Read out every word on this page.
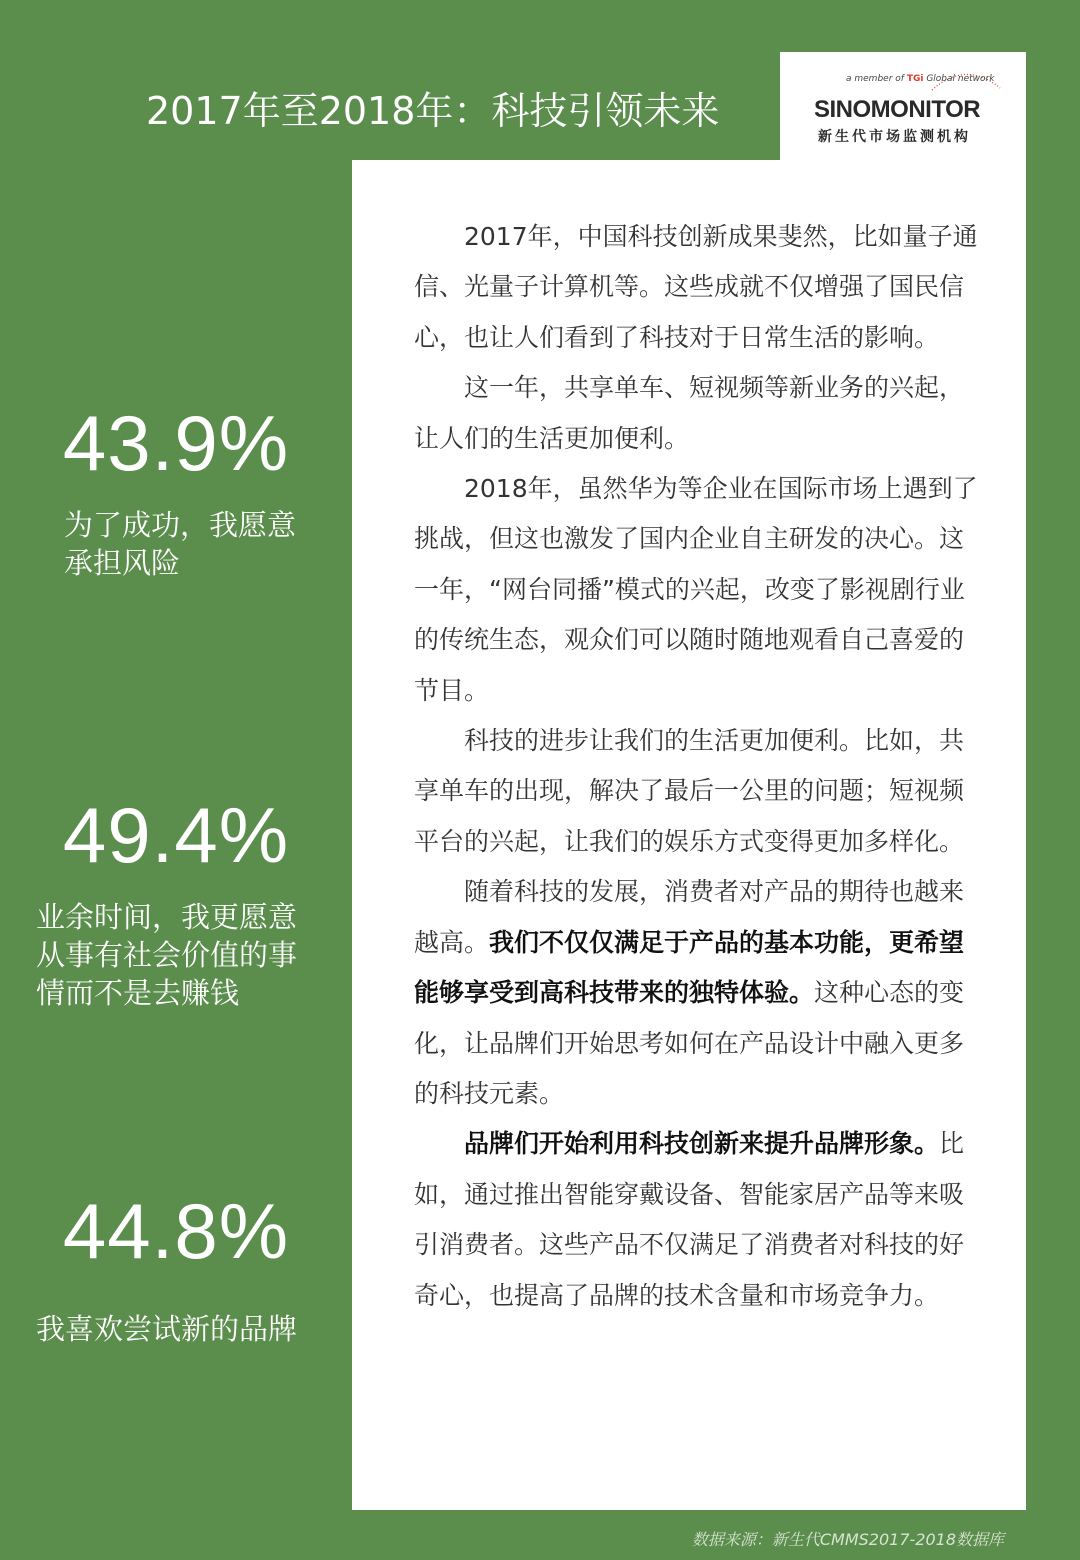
2017年至2018年：科技引领未来
a member of TGi Global network
SINOMONITOR
新生代市场监测机构
43.9%
为了成功，我愿意
承担风险
49.4%
业余时间，我更愿意
从事有社会价值的事
情而不是去赚钱
44.8%
我喜欢尝试新的品牌

2017年，中国科技创新成果斐然，比如量子通信、光量子计算机等。这些成就不仅增强了国民信心，也让人们看到了科技对于日常生活的影响。

这一年，共享单车、短视频等新业务的兴起，让人们的生活更加便利。

2018年，虽然华为等企业在国际市场上遇到了挑战，但这也激发了国内企业自主研发的决心。这一年，“网台同播”模式的兴起，改变了影视剧行业的传统生态，观众们可以随时随地观看自己喜爱的节目。

科技的进步让我们的生活更加便利。比如，共享单车的出现，解决了最后一公里的问题；短视频平台的兴起，让我们的娱乐方式变得更加多样化。

随着科技的发展，消费者对产品的期待也越来越高。我们不仅仅满足于产品的基本功能，更希望能够享受到高科技带来的独特体验。这种心态的变化，让品牌们开始思考如何在产品设计中融入更多的科技元素。

品牌们开始利用科技创新来提升品牌形象。比如，通过推出智能穿戴设备、智能家居产品等来吸引消费者。这些产品不仅满足了消费者对科技的好奇心，也提高了品牌的技术含量和市场竞争力。

数据来源：新生代CMMS2017-2018数据库
